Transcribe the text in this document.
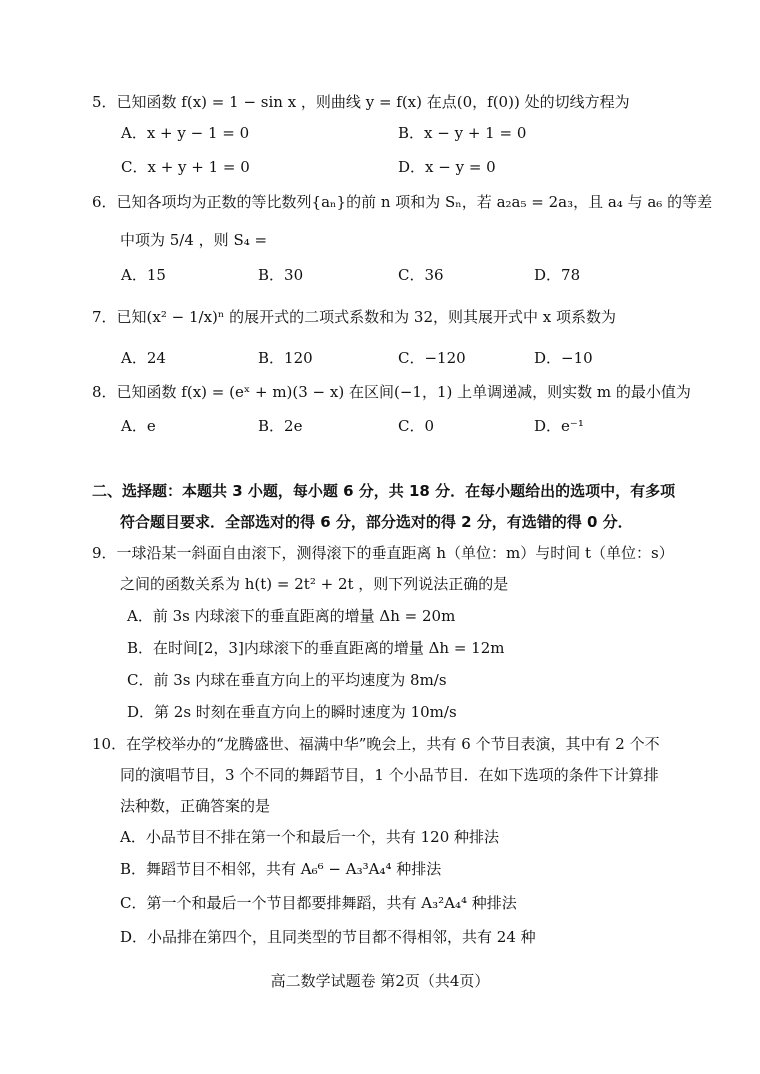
5．已知函数 f(x) = 1 − sin x ，则曲线 y = f(x) 在点(0，f(0)) 处的切线方程为
A．x + y − 1 = 0	B．x − y + 1 = 0
C．x + y + 1 = 0	D．x − y = 0
6．已知各项均为正数的等比数列{aₙ}的前 n 项和为 Sₙ，若 a₂a₅ = 2a₃，且 a₄ 与 a₆ 的等差
中项为 5/4 ，则 S₄ =
A．15	B．30	C．36	D．78
7．已知(x² − 1/x)ⁿ 的展开式的二项式系数和为 32，则其展开式中 x 项系数为
A．24	B．120	C．−120	D．−10
8．已知函数 f(x) = (eˣ + m)(3 − x) 在区间(−1，1) 上单调递减，则实数 m 的最小值为
A．e	B．2e	C．0	D．e⁻¹
二、选择题：本题共 3 小题，每小题 6 分，共 18 分．在每小题给出的选项中，有多项
符合题目要求．全部选对的得 6 分，部分选对的得 2 分，有选错的得 0 分．
9．一球沿某一斜面自由滚下，测得滚下的垂直距离 h（单位：m）与时间 t（单位：s）
之间的函数关系为 h(t) = 2t² + 2t ，则下列说法正确的是
A．前 3s 内球滚下的垂直距离的增量 Δh = 20m
B．在时间[2，3]内球滚下的垂直距离的增量 Δh = 12m
C．前 3s 内球在垂直方向上的平均速度为 8m/s
D．第 2s 时刻在垂直方向上的瞬时速度为 10m/s
10．在学校举办的“龙腾盛世、福满中华”晚会上，共有 6 个节目表演，其中有 2 个不
同的演唱节目，3 个不同的舞蹈节目，1 个小品节目．在如下选项的条件下计算排
法种数，正确答案的是
A．小品节目不排在第一个和最后一个，共有 120 种排法
B．舞蹈节目不相邻，共有 A₆⁶ − A₃³A₄⁴ 种排法
C．第一个和最后一个节目都要排舞蹈，共有 A₃²A₄⁴ 种排法
D．小品排在第四个，且同类型的节目都不得相邻，共有 24 种
高二数学试题卷 第2页（共4页）
